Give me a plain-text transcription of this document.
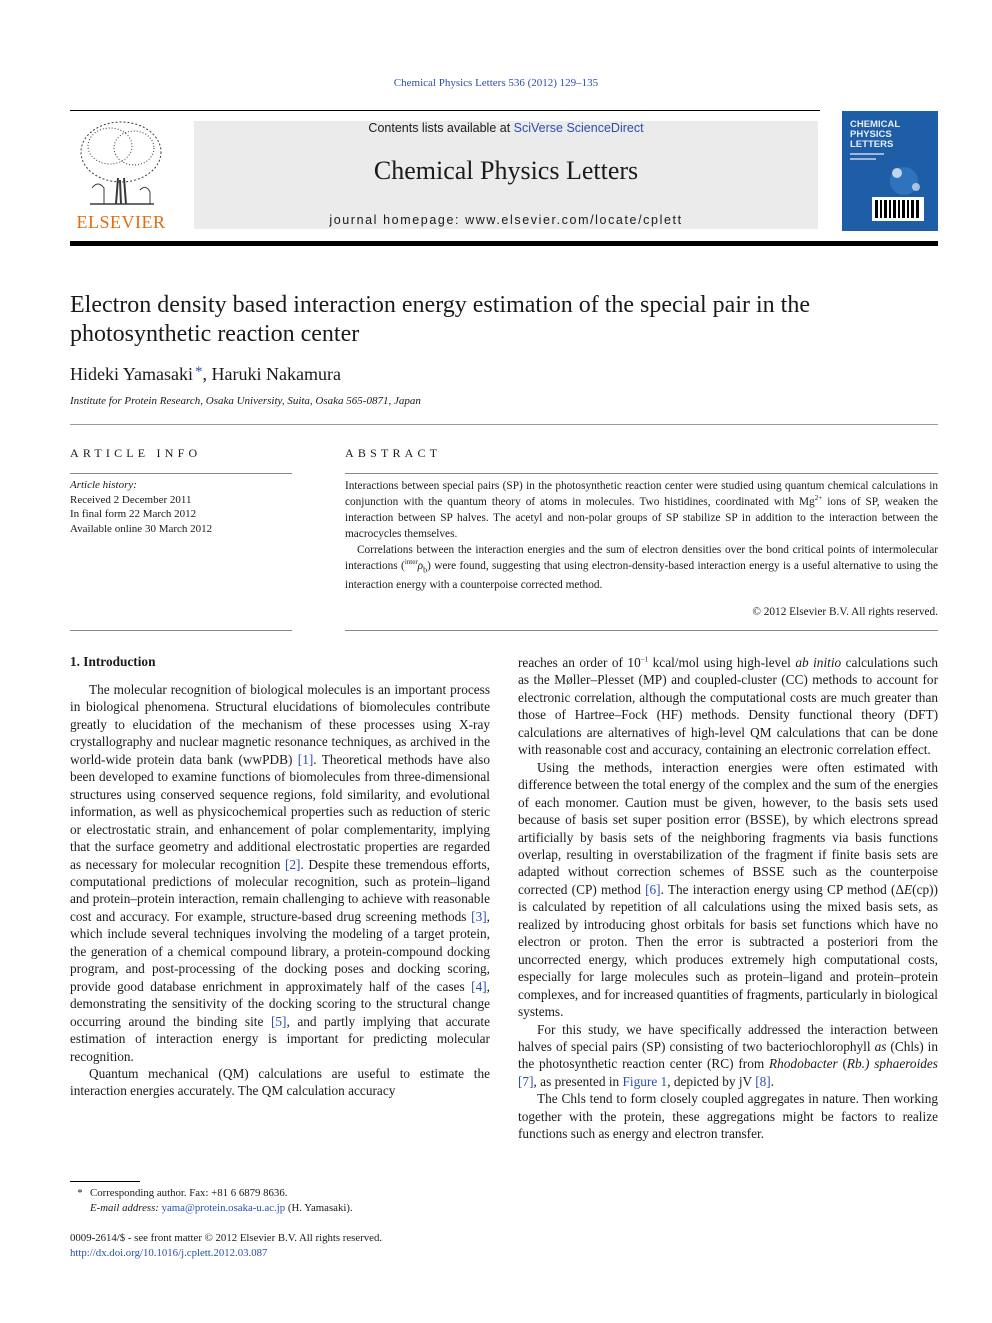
Chemical Physics Letters 536 (2012) 129–135
ELSEVIER
Contents lists available at SciVerse ScienceDirect
Chemical Physics Letters
journal homepage: www.elsevier.com/locate/cplett
CHEMICAL
PHYSICS
LETTERS
Electron density based interaction energy estimation of the special pair in the photosynthetic reaction center
Hideki Yamasaki *, Haruki Nakamura
Institute for Protein Research, Osaka University, Suita, Osaka 565-0871, Japan
ARTICLE INFO
Article history:
Received 2 December 2011
In final form 22 March 2012
Available online 30 March 2012
ABSTRACT

Interactions between special pairs (SP) in the photosynthetic reaction center were studied using quantum chemical calculations in conjunction with the quantum theory of atoms in molecules. Two histidines, coordinated with $Mg^{2+}$ ions of SP, weaken the interaction between SP halves. The acetyl and non-polar groups of SP stabilize SP in addition to the interaction between the macrocycles themselves.

Correlations between the interaction energies and the sum of electron densities over the bond critical points of intermolecular interactions $(^{inter}\rho_b)$ were found, suggesting that using electron-density-based interaction energy is a useful alternative to using the interaction energy with a counterpoise corrected method.

© 2012 Elsevier B.V. All rights reserved.
1. Introduction

The molecular recognition of biological molecules is an important process in biological phenomena. Structural elucidations of biomolecules contribute greatly to elucidation of the mechanism of these processes using X-ray crystallography and nuclear magnetic resonance techniques, as archived in the world-wide protein data bank (wwPDB) [1]. Theoretical methods have also been developed to examine functions of biomolecules from three-dimensional structures using conserved sequence regions, fold similarity, and evolutional information, as well as physicochemical properties such as reduction of steric or electrostatic strain, and enhancement of polar complementarity, implying that the surface geometry and additional electrostatic properties are regarded as necessary for molecular recognition [2]. Despite these tremendous efforts, computational predictions of molecular recognition, such as protein–ligand and protein–protein interaction, remain challenging to achieve with reasonable cost and accuracy. For example, structure-based drug screening methods [3], which include several techniques involving the modeling of a target protein, the generation of a chemical compound library, a protein-compound docking program, and post-processing of the docking poses and docking scoring, provide good database enrichment in approximately half of the cases [4], demonstrating the sensitivity of the docking scoring to the structural change occurring around the binding site [5], and partly implying that accurate estimation of interaction energy is important for predicting molecular recognition.

Quantum mechanical (QM) calculations are useful to estimate the interaction energies accurately. The QM calculation accuracy

reaches an order of $10^{-1}$ kcal/mol using high-level ab initio calculations such as the Møller–Plesset (MP) and coupled-cluster (CC) methods to account for electronic correlation, although the computational costs are much greater than those of Hartree–Fock (HF) methods. Density functional theory (DFT) calculations are alternatives of high-level QM calculations that can be done with reasonable cost and accuracy, containing an electronic correlation effect.

Using the methods, interaction energies were often estimated with difference between the total energy of the complex and the sum of the energies of each monomer. Caution must be given, however, to the basis sets used because of basis set super position error (BSSE), by which electrons spread artificially by basis sets of the neighboring fragments via basis functions overlap, resulting in overstabilization of the fragment if finite basis sets are adapted without correction schemes of BSSE such as the counterpoise corrected (CP) method [6]. The interaction energy using CP method (ΔE(cp)) is calculated by repetition of all calculations using the mixed basis sets, as realized by introducing ghost orbitals for basis set functions which have no electron or proton. Then the error is subtracted a posteriori from the uncorrected energy, which produces extremely high computational costs, especially for large molecules such as protein–ligand and protein–protein complexes, and for increased quantities of fragments, particularly in biological systems.

For this study, we have specifically addressed the interaction between halves of special pairs (SP) consisting of two bacteriochlorophyll as (Chls) in the photosynthetic reaction center (RC) from Rhodobacter (Rb.) sphaeroides [7], as presented in Figure 1, depicted by jV [8].

The Chls tend to form closely coupled aggregates in nature. Then working together with the protein, these aggregations might be factors to realize functions such as energy and electron transfer.

* Corresponding author. Fax: +81 6 6879 8636.
E-mail address: yama@protein.osaka-u.ac.jp (H. Yamasaki).
0009-2614/$ - see front matter © 2012 Elsevier B.V. All rights reserved.
http://dx.doi.org/10.1016/j.cplett.2012.03.087
